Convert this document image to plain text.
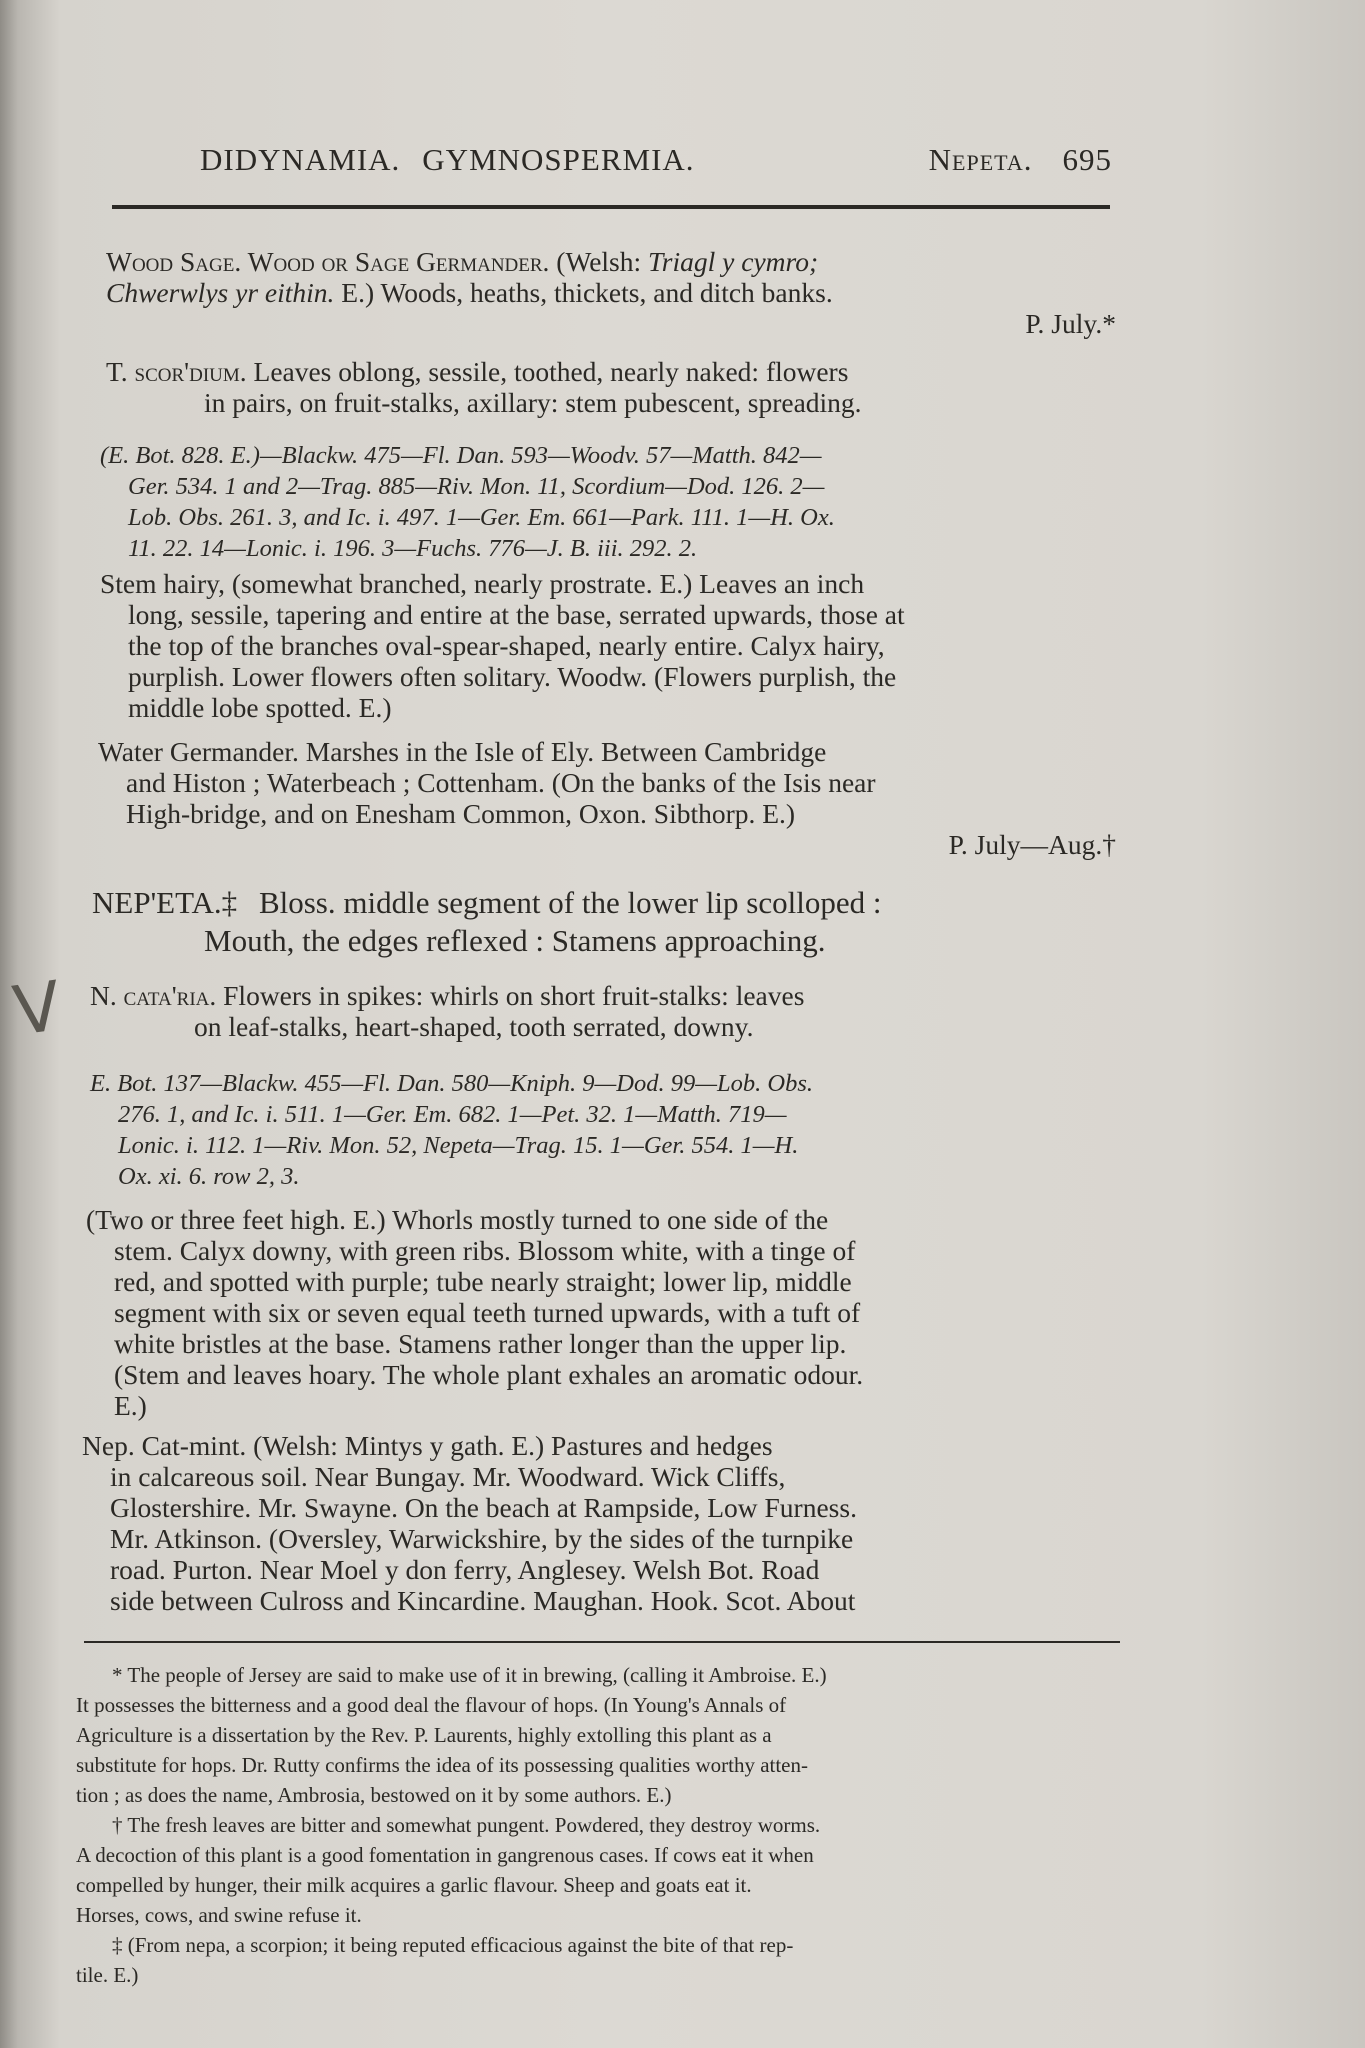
V
DIDYNAMIA. GYMNOSPERMIA.	Nepeta. 695
Wood Sage. Wood or Sage Germander. (Welsh: Triagl y cymro;
Chwerwlys yr eithin. E.) Woods, heaths, thickets, and ditch banks.
P. July.*
T. scor'dium. Leaves oblong, sessile, toothed, nearly naked: flowers
in pairs, on fruit-stalks, axillary: stem pubescent, spreading.
(E. Bot. 828. E.)—Blackw. 475—Fl. Dan. 593—Woodv. 57—Matth. 842—
Ger. 534. 1 and 2—Trag. 885—Riv. Mon. 11, Scordium—Dod. 126. 2—
Lob. Obs. 261. 3, and Ic. i. 497. 1—Ger. Em. 661—Park. 111. 1—H. Ox.
11. 22. 14—Lonic. i. 196. 3—Fuchs. 776—J. B. iii. 292. 2.
Stem hairy, (somewhat branched, nearly prostrate. E.) Leaves an inch
long, sessile, tapering and entire at the base, serrated upwards, those at
the top of the branches oval-spear-shaped, nearly entire. Calyx hairy,
purplish. Lower flowers often solitary. Woodw. (Flowers purplish, the
middle lobe spotted. E.)
Water Germander. Marshes in the Isle of Ely. Between Cambridge
and Histon ; Waterbeach ; Cottenham. (On the banks of the Isis near
High-bridge, and on Enesham Common, Oxon. Sibthorp. E.)
P. July—Aug.†
NEP'ETA.‡ Bloss. middle segment of the lower lip scolloped :
Mouth, the edges reflexed : Stamens approaching.
N. cata'ria. Flowers in spikes: whirls on short fruit-stalks: leaves
on leaf-stalks, heart-shaped, tooth serrated, downy.
E. Bot. 137—Blackw. 455—Fl. Dan. 580—Kniph. 9—Dod. 99—Lob. Obs.
276. 1, and Ic. i. 511. 1—Ger. Em. 682. 1—Pet. 32. 1—Matth. 719—
Lonic. i. 112. 1—Riv. Mon. 52, Nepeta—Trag. 15. 1—Ger. 554. 1—H.
Ox. xi. 6. row 2, 3.
(Two or three feet high. E.) Whorls mostly turned to one side of the
stem. Calyx downy, with green ribs. Blossom white, with a tinge of
red, and spotted with purple; tube nearly straight; lower lip, middle
segment with six or seven equal teeth turned upwards, with a tuft of
white bristles at the base. Stamens rather longer than the upper lip.
(Stem and leaves hoary. The whole plant exhales an aromatic odour.
E.)
Nep. Cat-mint. (Welsh: Mintys y gath. E.) Pastures and hedges
in calcareous soil. Near Bungay. Mr. Woodward. Wick Cliffs,
Glostershire. Mr. Swayne. On the beach at Rampside, Low Furness.
Mr. Atkinson. (Oversley, Warwickshire, by the sides of the turnpike
road. Purton. Near Moel y don ferry, Anglesey. Welsh Bot. Road
side between Culross and Kincardine. Maughan. Hook. Scot. About
* The people of Jersey are said to make use of it in brewing, (calling it Ambroise. E.)
It possesses the bitterness and a good deal the flavour of hops. (In Young's Annals of
Agriculture is a dissertation by the Rev. P. Laurents, highly extolling this plant as a
substitute for hops. Dr. Rutty confirms the idea of its possessing qualities worthy atten-
tion ; as does the name, Ambrosia, bestowed on it by some authors. E.)
† The fresh leaves are bitter and somewhat pungent. Powdered, they destroy worms.
A decoction of this plant is a good fomentation in gangrenous cases. If cows eat it when
compelled by hunger, their milk acquires a garlic flavour. Sheep and goats eat it.
Horses, cows, and swine refuse it.
‡ (From nepa, a scorpion; it being reputed efficacious against the bite of that rep-
tile. E.)
